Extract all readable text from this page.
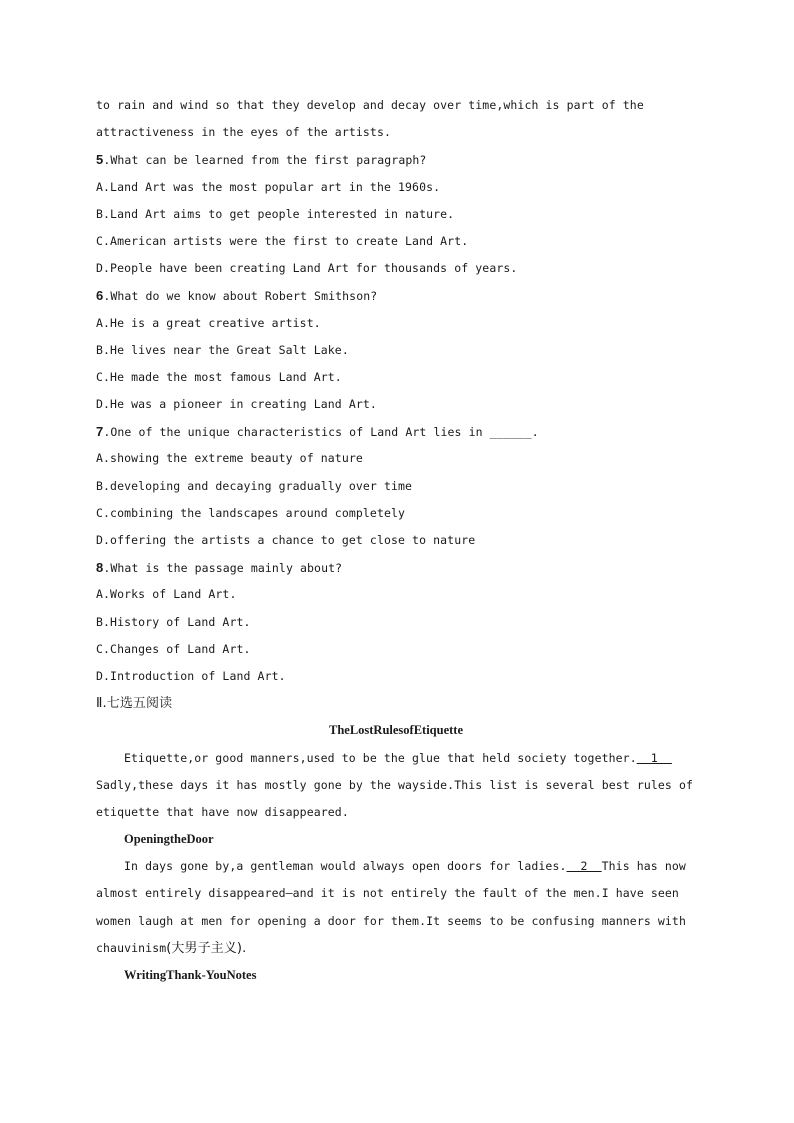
to rain and wind so that they develop and decay over time,which is part of the
attractiveness in the eyes of the artists.
5.What can be learned from the first paragraph?
A.Land Art was the most popular art in the 1960s.
B.Land Art aims to get people interested in nature.
C.American artists were the first to create Land Art.
D.People have been creating Land Art for thousands of years.
6.What do we know about Robert Smithson?
A.He is a great creative artist.
B.He lives near the Great Salt Lake.
C.He made the most famous Land Art.
D.He was a pioneer in creating Land Art.
7.One of the unique characteristics of Land Art lies in ______.
A.showing the extreme beauty of nature
B.developing and decaying gradually over time
C.combining the landscapes around completely
D.offering the artists a chance to get close to nature
8.What is the passage mainly about?
A.Works of Land Art.
B.History of Land Art.
C.Changes of Land Art.
D.Introduction of Land Art.
Ⅱ.七选五阅读
TheLostRulesofEtiquette
Etiquette,or good manners,used to be the glue that held society together.  1
Sadly,these days it has mostly gone by the wayside.This list is several best rules of
etiquette that have now disappeared.
OpeningtheDoor
In days gone by,a gentleman would always open doors for ladies.  2  This has now
almost entirely disappeared—and it is not entirely the fault of the men.I have seen
women laugh at men for opening a door for them.It seems to be confusing manners with
chauvinism(大男子主义).
WritingThank-YouNotes
